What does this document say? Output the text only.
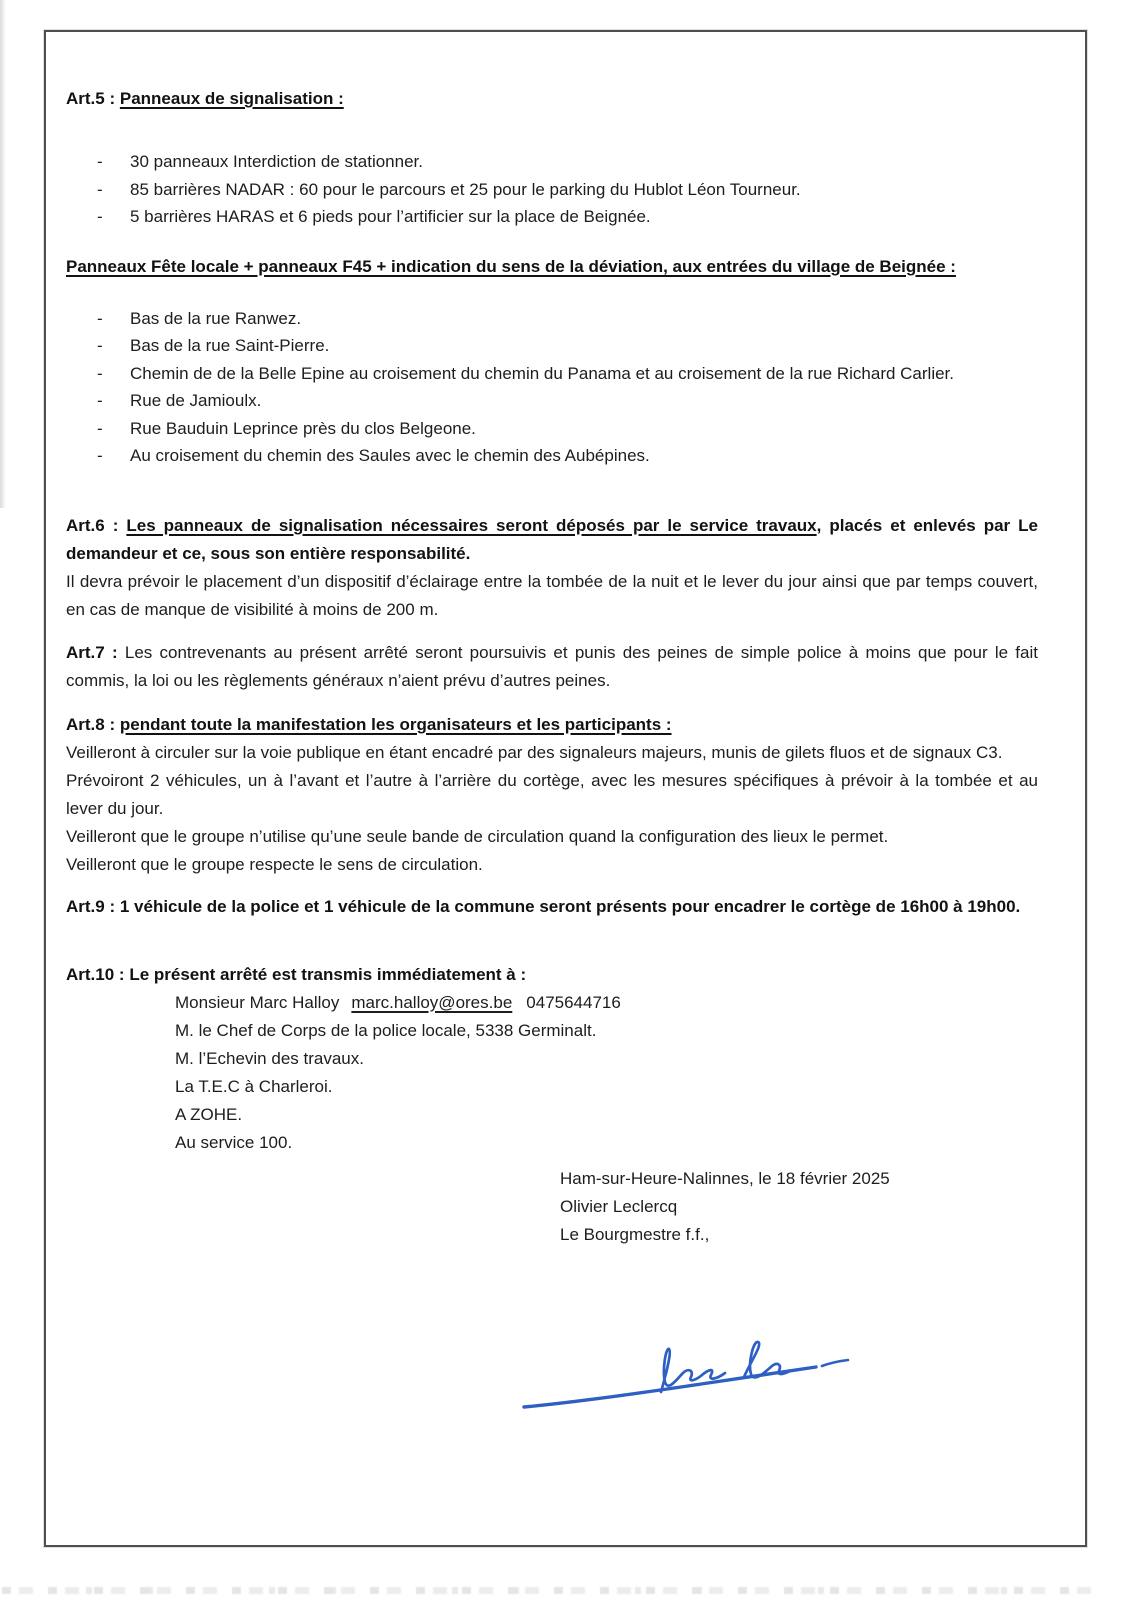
Art.5 : Panneaux de signalisation :
-	30 panneaux Interdiction de stationner.
-	85 barrières NADAR : 60 pour le parcours et 25 pour le parking du Hublot Léon Tourneur.
-	5 barrières HARAS et 6 pieds pour l’artificier sur la place de Beignée.
Panneaux Fête locale + panneaux F45 + indication du sens de la déviation, aux entrées du village de Beignée :
-	Bas de la rue Ranwez.
-	Bas de la rue Saint-Pierre.
-	Chemin de de la Belle Epine au croisement du chemin du Panama et au croisement de la rue Richard Carlier.
-	Rue de Jamioulx.
-	Rue Bauduin Leprince près du clos Belgeone.
-	Au croisement du chemin des Saules avec le chemin des Aubépines.

Art.6 : Les panneaux de signalisation nécessaires seront déposés par le service travaux, placés et enlevés par Le demandeur et ce, sous son entière responsabilité.

Il devra prévoir le placement d’un dispositif d’éclairage entre la tombée de la nuit et le lever du jour ainsi que par temps couvert, en cas de manque de visibilité à moins de 200 m.

Art.7 : Les contrevenants au présent arrêté seront poursuivis et punis des peines de simple police à moins que pour le fait commis, la loi ou les règlements généraux n’aient prévu d’autres peines.

Art.8 : pendant toute la manifestation les organisateurs et les participants :

Veilleront à circuler sur la voie publique en étant encadré par des signaleurs majeurs, munis de gilets fluos et de signaux C3.

Prévoiront 2 véhicules, un à l’avant et l’autre à l’arrière du cortège, avec les mesures spécifiques à prévoir à la tombée et au lever du jour.

Veilleront que le groupe n’utilise qu’une seule bande de circulation quand la configuration des lieux le permet.

Veilleront que le groupe respecte le sens de circulation.

Art.9 : 1 véhicule de la police et 1 véhicule de la commune seront présents pour encadrer le cortège de 16h00 à 19h00.

Art.10 : Le présent arrêté est transmis immédiatement à :
Monsieur Marc Halloy marc.halloy@ores.be 0475644716
M. le Chef de Corps de la police locale, 5338 Germinalt.
M. l’Echevin des travaux.
La T.E.C à Charleroi.
A ZOHE.
Au service 100.
Ham-sur-Heure-Nalinnes, le 18 février 2025
Olivier Leclercq
Le Bourgmestre f.f.,
